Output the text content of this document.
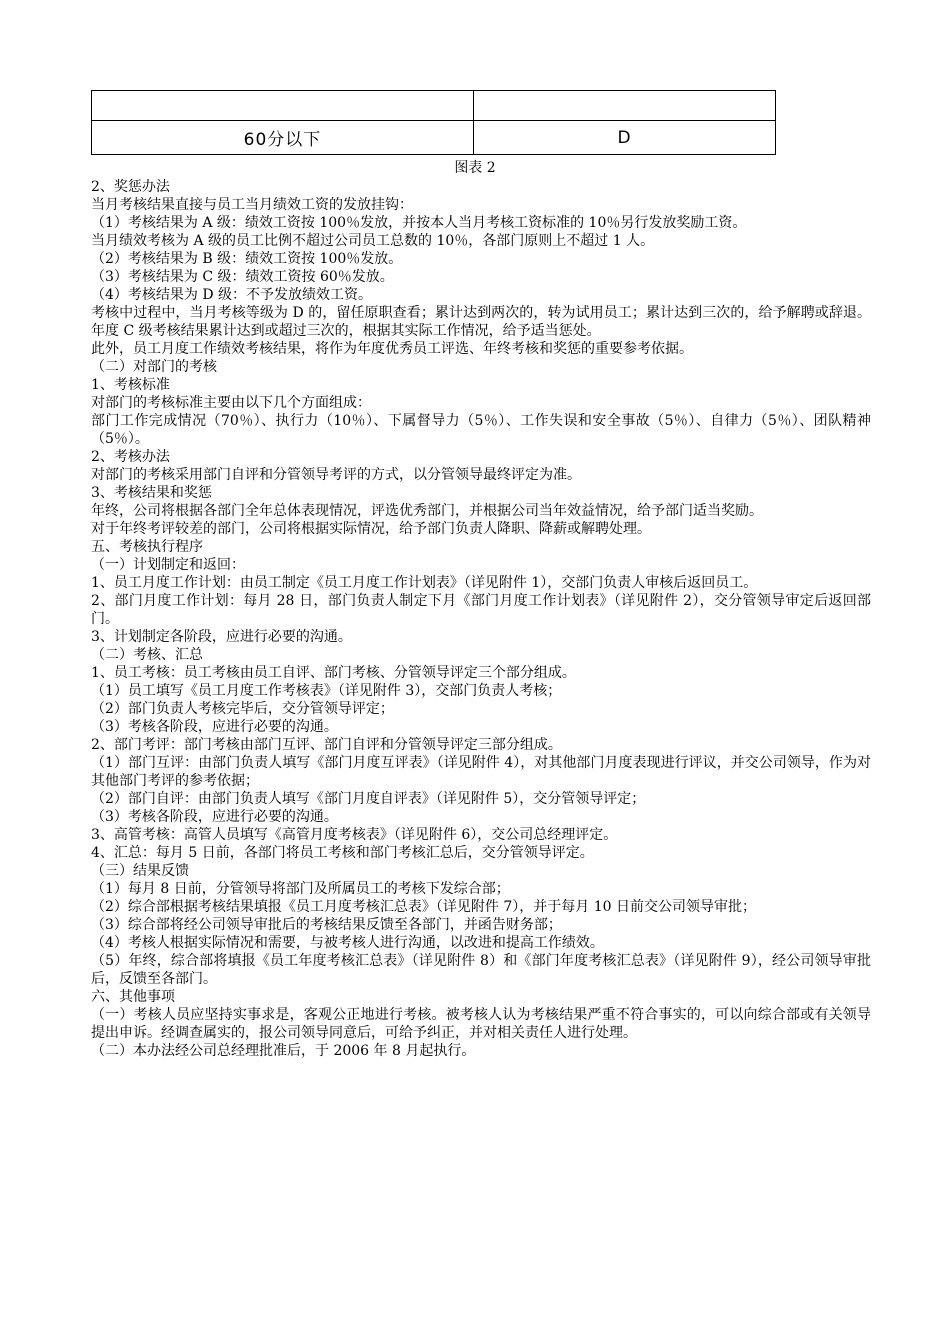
60分以下	D
图表 2

2、奖惩办法

当月考核结果直接与员工当月绩效工资的发放挂钩：

（1）考核结果为 A 级：绩效工资按 100％发放，并按本人当月考核工资标准的 10％另行发放奖励工资。

当月绩效考核为 A 级的员工比例不超过公司员工总数的 10％，各部门原则上不超过 1 人。

（2）考核结果为 B 级：绩效工资按 100％发放。

（3）考核结果为 C 级：绩效工资按 60％发放。

（4）考核结果为 D 级：不予发放绩效工资。

考核中过程中，当月考核等级为 D 的，留任原职查看；累计达到两次的，转为试用员工；累计达到三次的，给予解聘或辞退。年度 C 级考核结果累计达到或超过三次的，根据其实际工作情况，给予适当惩处。

此外，员工月度工作绩效考核结果，将作为年度优秀员工评选、年终考核和奖惩的重要参考依据。

（二）对部门的考核

1、考核标准

对部门的考核标准主要由以下几个方面组成：

部门工作完成情况（70％）、执行力（10％）、下属督导力（5％）、工作失误和安全事故（5％）、自律力（5％）、团队精神（5％）。

2、考核办法

对部门的考核采用部门自评和分管领导考评的方式，以分管领导最终评定为准。

3、考核结果和奖惩

年终，公司将根据各部门全年总体表现情况，评选优秀部门，并根据公司当年效益情况，给予部门适当奖励。

对于年终考评较差的部门，公司将根据实际情况，给予部门负责人降职、降薪或解聘处理。

五、考核执行程序

（一）计划制定和返回：

1、员工月度工作计划：由员工制定《员工月度工作计划表》（详见附件 1），交部门负责人审核后返回员工。

2、部门月度工作计划：每月 28 日，部门负责人制定下月《部门月度工作计划表》（详见附件 2），交分管领导审定后返回部门。

3、计划制定各阶段，应进行必要的沟通。

（二）考核、汇总

1、员工考核：员工考核由员工自评、部门考核、分管领导评定三个部分组成。

（1）员工填写《员工月度工作考核表》（详见附件 3），交部门负责人考核；

（2）部门负责人考核完毕后，交分管领导评定；

（3）考核各阶段，应进行必要的沟通。

2、部门考评：部门考核由部门互评、部门自评和分管领导评定三部分组成。

（1）部门互评：由部门负责人填写《部门月度互评表》（详见附件 4），对其他部门月度表现进行评议，并交公司领导，作为对其他部门考评的参考依据；

（2）部门自评：由部门负责人填写《部门月度自评表》（详见附件 5），交分管领导评定；

（3）考核各阶段，应进行必要的沟通。

3、高管考核：高管人员填写《高管月度考核表》（详见附件 6），交公司总经理评定。

4、汇总：每月 5 日前，各部门将员工考核和部门考核汇总后，交分管领导评定。

（三）结果反馈

（1）每月 8 日前，分管领导将部门及所属员工的考核下发综合部；

（2）综合部根据考核结果填报《员工月度考核汇总表》（详见附件 7），并于每月 10 日前交公司领导审批；

（3）综合部将经公司领导审批后的考核结果反馈至各部门，并函告财务部；

（4）考核人根据实际情况和需要，与被考核人进行沟通，以改进和提高工作绩效。

（5）年终，综合部将填报《员工年度考核汇总表》（详见附件 8）和《部门年度考核汇总表》（详见附件 9），经公司领导审批后，反馈至各部门。

六、其他事项

（一）考核人员应坚持实事求是，客观公正地进行考核。被考核人认为考核结果严重不符合事实的，可以向综合部或有关领导提出申诉。经调查属实的，报公司领导同意后，可给予纠正，并对相关责任人进行处理。

（二）本办法经公司总经理批准后，于 2006 年 8 月起执行。
